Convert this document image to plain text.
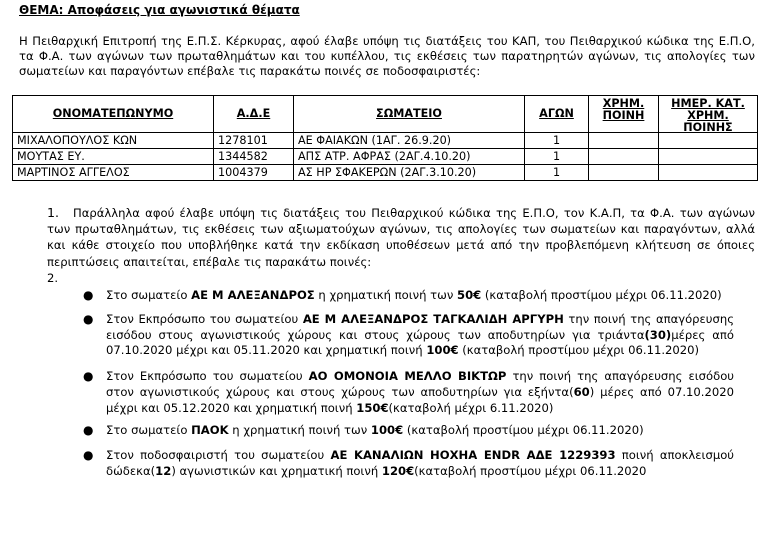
ΘΕΜΑ: Αποφάσεις για αγωνιστικά θέματα
Η Πειθαρχική Επιτροπή της Ε.Π.Σ. Κέρκυρας, αφού έλαβε υπόψη τις διατάξεις του ΚΑΠ, του Πειθαρχικού κώδικα της Ε.Π.Ο, τα Φ.Α. των αγώνων των πρωταθλημάτων και του κυπέλλου, τις εκθέσεις των παρατηρητών αγώνων, τις απολογίες των σωματείων και παραγόντων επέβαλε τις παρακάτω ποινές σε ποδοσφαιριστές:
ΟΝΟΜΑΤΕΠΩΝΥΜΟ	Α.Δ.Ε	ΣΩΜΑΤΕΙΟ	ΑΓΩΝ	ΧΡΗΜ. ΠΟΙΝΗ	ΗΜΕΡ. ΚΑΤ. ΧΡΗΜ. ΠΟΙΝΗΣ

ΜΙΧΑΛΟΠΟΥΛΟΣ ΚΩΝ	1278101	ΑΕ ΦΑΙΑΚΩΝ (1ΑΓ. 26.9.20)	1		
ΜΟΥΤΑΣ ΕΥ.	1344582	ΑΠΣ ΑΤΡ. ΑΦΡΑΣ (2ΑΓ.4.10.20)	1		
ΜΑΡΤΙΝΟΣ ΑΓΓΕΛΟΣ	1004379	ΑΣ ΗΡ ΣΦΑΚΕΡΩΝ (2ΑΓ.3.10.20)	1		
1. Παράλληλα αφού έλαβε υπόψη τις διατάξεις του Πειθαρχικού κώδικα της Ε.Π.Ο, τον Κ.Α.Π, τα Φ.Α. των αγώνων των πρωταθλημάτων, τις εκθέσεις των αξιωματούχων αγώνων, τις απολογίες των σωματείων και παραγόντων, αλλά και κάθε στοιχείο που υποβλήθηκε κατά την εκδίκαση υποθέσεων μετά από την προβλεπόμενη κλήτευση σε όποιες περιπτώσεις απαιτείται, επέβαλε τις παρακάτω ποινές:
2.
● Στο σωματείο ΑΕ Μ ΑΛΕΞΑΝΔΡΟΣ η χρηματική ποινή των 50€ (καταβολή προστίμου μέχρι 06.11.2020)
● Στον Εκπρόσωπο του σωματείου ΑΕ Μ ΑΛΕΞΑΝΔΡΟΣ ΤΑΓΚΑΛΙΔΗ ΑΡΓΥΡΗ την ποινή της απαγόρευσης εισόδου στους αγωνιστικούς χώρους και στους χώρους των αποδυτηρίων για τριάντα(30)μέρες από 07.10.2020 μέχρι και 05.11.2020 και χρηματική ποινή 100€ (καταβολή προστίμου μέχρι 06.11.2020)
● Στον Εκπρόσωπο του σωματείου ΑΟ ΟΜΟΝΟΙΑ ΜΕΛΛΟ ΒΙΚΤΩΡ την ποινή της απαγόρευσης εισόδου στον αγωνιστικούς χώρους και στους χώρους των αποδυτηρίων για εξήντα(60) μέρες από 07.10.2020 μέχρι και 05.12.2020 και χρηματική ποινή 150€(καταβολή μέχρι 6.11.2020)
● Στο σωματείο ΠΑΟΚ η χρηματική ποινή των 100€ (καταβολή προστίμου μέχρι 06.11.2020)
● Στον ποδοσφαιριστή του σωματείου ΑΕ ΚΑΝΑΛΙΩΝ ΗΟΧΗΑ ENDR ΑΔΕ 1229393 ποινή αποκλεισμού δώδεκα(12) αγωνιστικών και χρηματική ποινή 120€(καταβολή προστίμου μέχρι 06.11.2020
